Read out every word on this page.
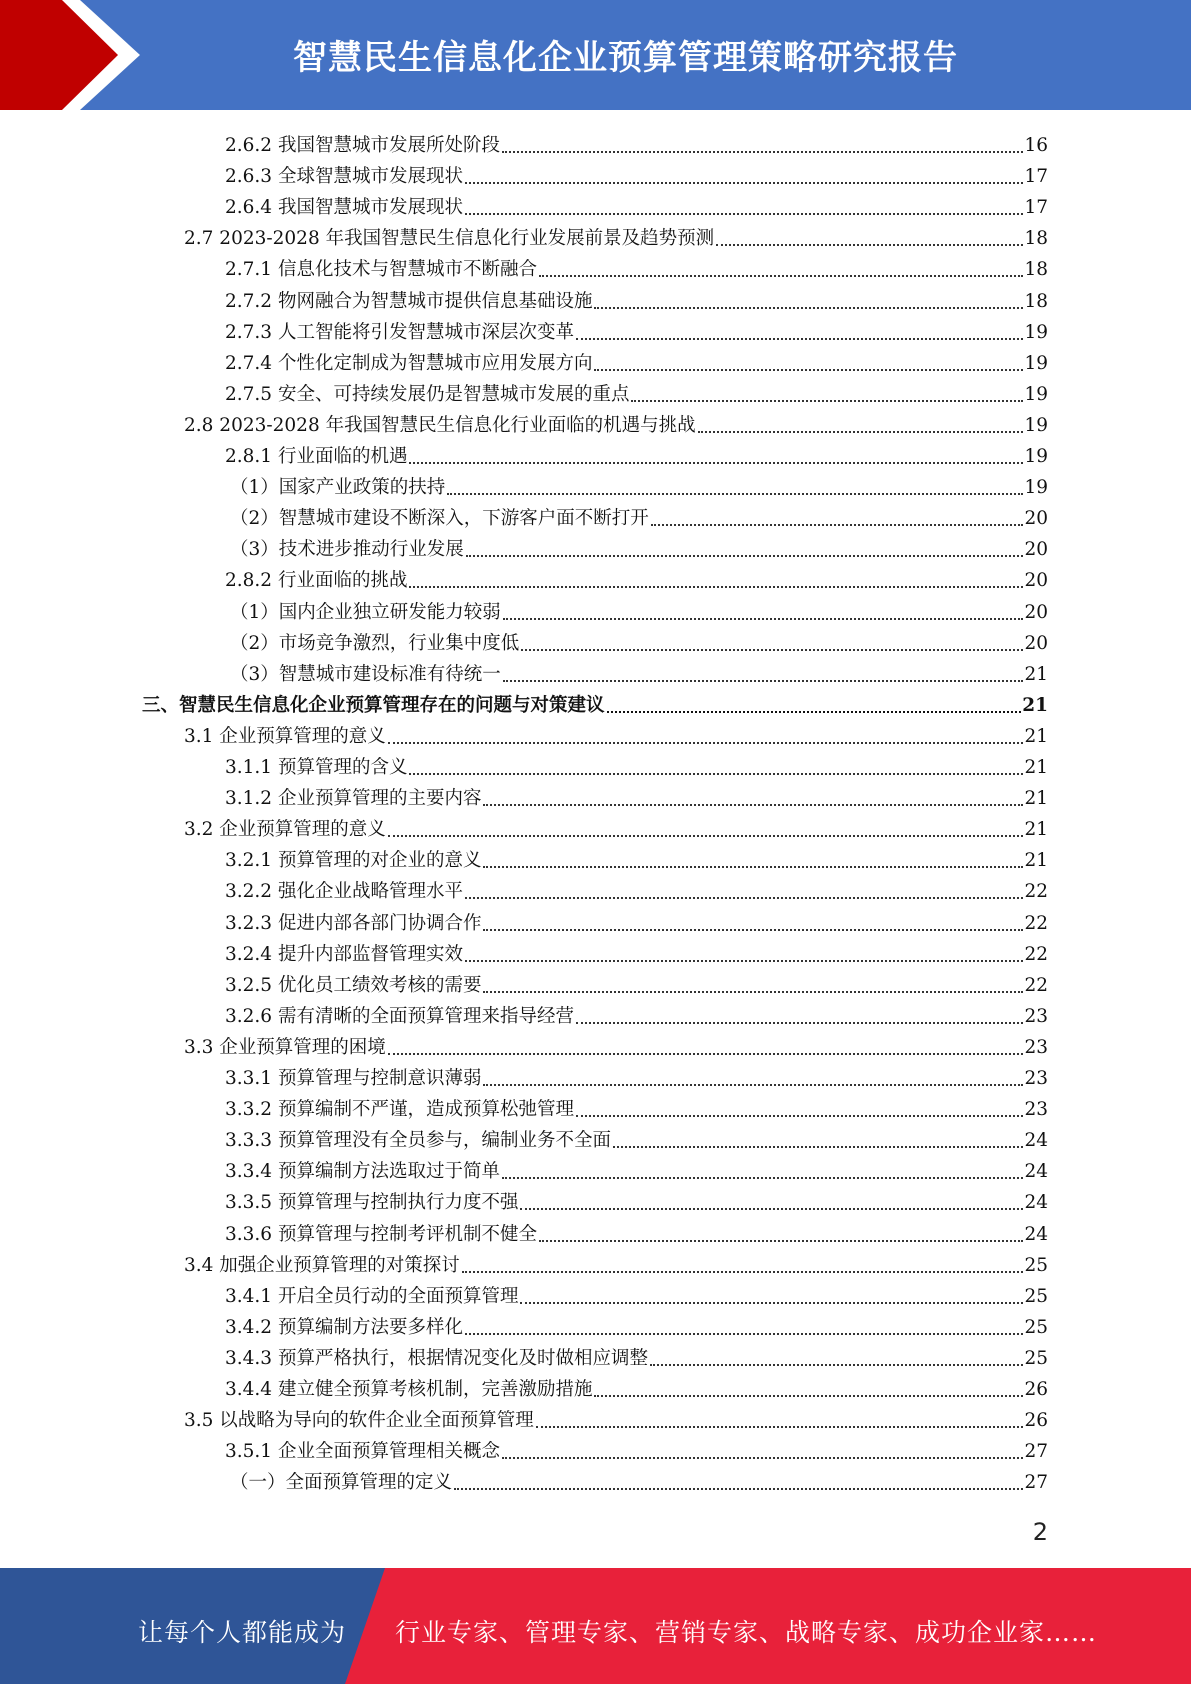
智慧民生信息化企业预算管理策略研究报告
2.6.2 我国智慧城市发展所处阶段	16
2.6.3 全球智慧城市发展现状	17
2.6.4 我国智慧城市发展现状	17
2.7 2023-2028 年我国智慧民生信息化行业发展前景及趋势预测	18
2.7.1 信息化技术与智慧城市不断融合	18
2.7.2 物网融合为智慧城市提供信息基础设施	18
2.7.3 人工智能将引发智慧城市深层次变革	19
2.7.4 个性化定制成为智慧城市应用发展方向	19
2.7.5 安全、可持续发展仍是智慧城市发展的重点	19
2.8 2023-2028 年我国智慧民生信息化行业面临的机遇与挑战	19
2.8.1 行业面临的机遇	19
（1）国家产业政策的扶持	19
（2）智慧城市建设不断深入，下游客户面不断打开	20
（3）技术进步推动行业发展	20
2.8.2 行业面临的挑战	20
（1）国内企业独立研发能力较弱	20
（2）市场竞争激烈，行业集中度低	20
（3）智慧城市建设标准有待统一	21
三、智慧民生信息化企业预算管理存在的问题与对策建议	21
3.1 企业预算管理的意义	21
3.1.1 预算管理的含义	21
3.1.2 企业预算管理的主要内容	21
3.2 企业预算管理的意义	21
3.2.1 预算管理的对企业的意义	21
3.2.2 强化企业战略管理水平	22
3.2.3 促进内部各部门协调合作	22
3.2.4 提升内部监督管理实效	22
3.2.5 优化员工绩效考核的需要	22
3.2.6 需有清晰的全面预算管理来指导经营	23
3.3 企业预算管理的困境	23
3.3.1 预算管理与控制意识薄弱	23
3.3.2 预算编制不严谨，造成预算松弛管理	23
3.3.3 预算管理没有全员参与，编制业务不全面	24
3.3.4 预算编制方法选取过于简单	24
3.3.5 预算管理与控制执行力度不强	24
3.3.6 预算管理与控制考评机制不健全	24
3.4 加强企业预算管理的对策探讨	25
3.4.1 开启全员行动的全面预算管理	25
3.4.2 预算编制方法要多样化	25
3.4.3 预算严格执行，根据情况变化及时做相应调整	25
3.4.4 建立健全预算考核机制，完善激励措施	26
3.5 以战略为导向的软件企业全面预算管理	26
3.5.1 企业全面预算管理相关概念	27
（一）全面预算管理的定义	27
2
让每个人都能成为 行业专家、管理专家、营销专家、战略专家、成功企业家……
